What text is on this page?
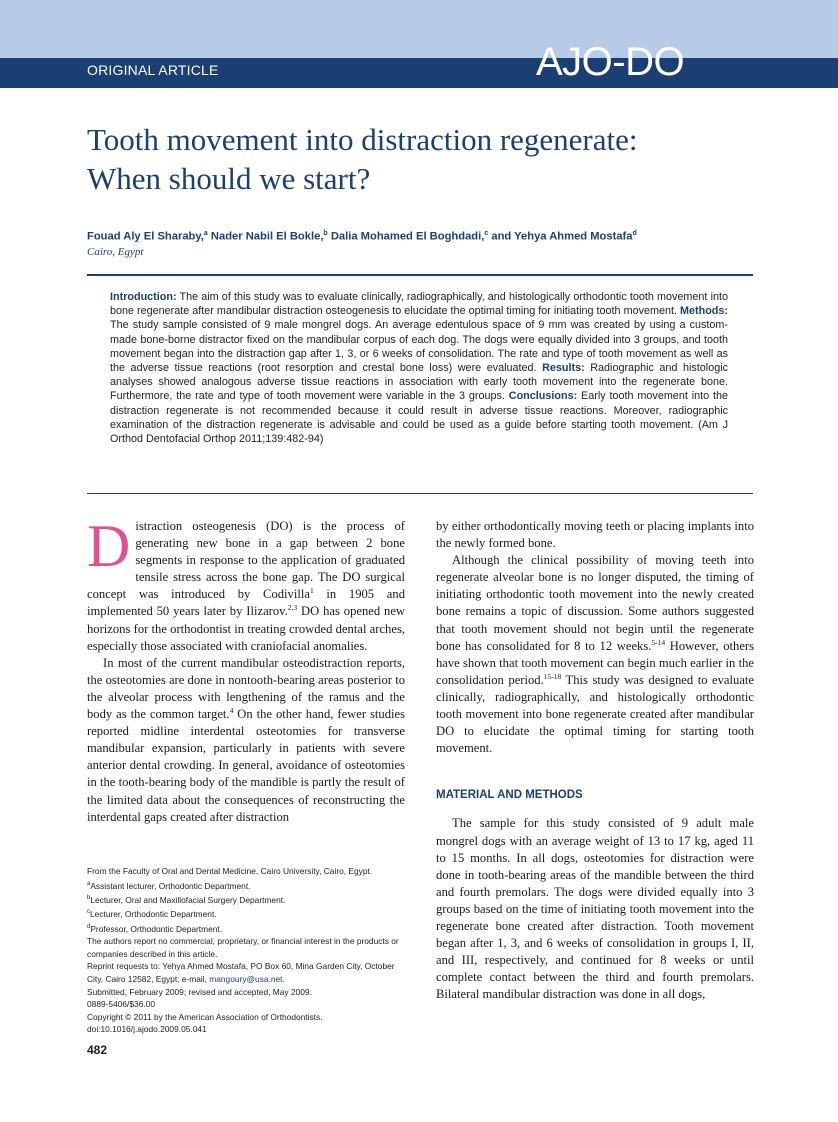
ORIGINAL ARTICLE	AJO-DO
Tooth movement into distraction regenerate:
When should we start?
Fouad Aly El Sharaby,$^a$ Nader Nabil El Bokle,$^b$ Dalia Mohamed El Boghdadi,$^c$ and Yehya Ahmed Mostafa$^d$
Cairo, Egypt
Introduction: The aim of this study was to evaluate clinically, radiographically, and histologically orthodontic tooth movement into bone regenerate after mandibular distraction osteogenesis to elucidate the optimal timing for initiating tooth movement. Methods: The study sample consisted of 9 male mongrel dogs. An average edentulous space of 9 mm was created by using a custom-made bone-borne distractor fixed on the mandibular corpus of each dog. The dogs were equally divided into 3 groups, and tooth movement began into the distraction gap after 1, 3, or 6 weeks of consolidation. The rate and type of tooth movement as well as the adverse tissue reactions (root resorption and crestal bone loss) were evaluated. Results: Radiographic and histologic analyses showed analogous adverse tissue reactions in association with early tooth movement into the regenerate bone. Furthermore, the rate and type of tooth movement were variable in the 3 groups. Conclusions: Early tooth movement into the distraction regenerate is not recommended because it could result in adverse tissue reactions. Moreover, radiographic examination of the distraction regenerate is advisable and could be used as a guide before starting tooth movement. (Am J Orthod Dentofacial Orthop 2011;139:482-94)

Distraction osteogenesis (DO) is the process of generating new bone in a gap between 2 bone segments in response to the application of graduated tensile stress across the bone gap. The DO surgical concept was introduced by Codivilla$^1$ in 1905 and implemented 50 years later by Ilizarov.$^{2,3}$ DO has opened new horizons for the orthodontist in treating crowded dental arches, especially those associated with craniofacial anomalies.

In most of the current mandibular osteodistraction reports, the osteotomies are done in nontooth-bearing areas posterior to the alveolar process with lengthening of the ramus and the body as the common target.$^4$ On the other hand, fewer studies reported midline interdental osteotomies for transverse mandibular expansion, particularly in patients with severe anterior dental crowding. In general, avoidance of osteotomies in the tooth-bearing body of the mandible is partly the result of the limited data about the consequences of reconstructing the interdental gaps created after distraction

by either orthodontically moving teeth or placing implants into the newly formed bone.

Although the clinical possibility of moving teeth into regenerate alveolar bone is no longer disputed, the timing of initiating orthodontic tooth movement into the newly created bone remains a topic of discussion. Some authors suggested that tooth movement should not begin until the regenerate bone has consolidated for 8 to 12 weeks.$^{5-14}$ However, others have shown that tooth movement can begin much earlier in the consolidation period.$^{15-18}$ This study was designed to evaluate clinically, radiographically, and histologically orthodontic tooth movement into bone regenerate created after mandibular DO to elucidate the optimal timing for starting tooth movement.

MATERIAL AND METHODS

The sample for this study consisted of 9 adult male mongrel dogs with an average weight of 13 to 17 kg, aged 11 to 15 months. In all dogs, osteotomies for distraction were done in tooth-bearing areas of the mandible between the third and fourth premolars. The dogs were divided equally into 3 groups based on the time of initiating tooth movement into the regenerate bone created after distraction. Tooth movement began after 1, 3, and 6 weeks of consolidation in groups I, II, and III, respectively, and continued for 8 weeks or until complete contact between the third and fourth premolars. Bilateral mandibular distraction was done in all dogs,

From the Faculty of Oral and Dental Medicine, Cairo University, Cairo, Egypt.
$^a$Assistant lecturer, Orthodontic Department.
$^b$Lecturer, Oral and Maxillofacial Surgery Department.
$^c$Lecturer, Orthodontic Department.
$^d$Professor, Orthodontic Department.
The authors report no commercial, proprietary, or financial interest in the products or companies described in this article.
Reprint requests to: Yehya Ahmed Mostafa, PO Box 60, Mina Garden City, October City, Cairo 12582, Egypt; e-mail, mangoury@usa.net.
Submitted, February 2009; revised and accepted, May 2009.
0889-5406/$36.00
Copyright © 2011 by the American Association of Orthodontists.
doi:10.1016/j.ajodo.2009.05.041
482
